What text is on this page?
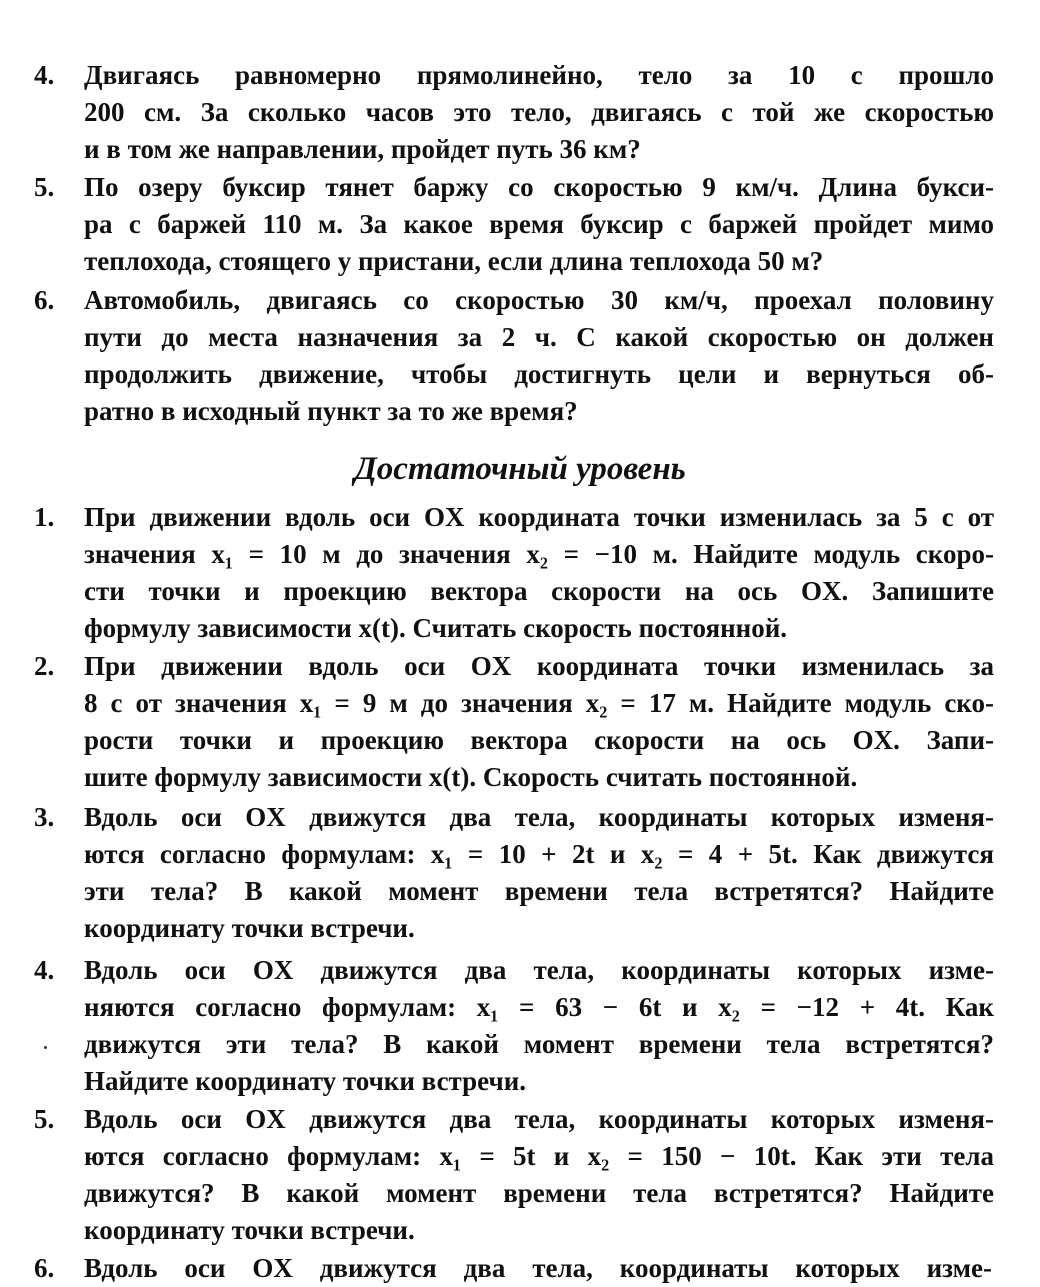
4.	Двигаясь равномерно прямолинейно, тело за 10 с прошло
200 см. За сколько часов это тело, двигаясь с той же скоростью
и в том же направлении, пройдет путь 36 км?
5.	По озеру буксир тянет баржу со скоростью 9 км/ч. Длина букси-
ра с баржей 110 м. За какое время буксир с баржей пройдет мимо
теплохода, стоящего у пристани, если длина теплохода 50 м?
6.	Автомобиль, двигаясь со скоростью 30 км/ч, проехал половину
пути до места назначения за 2 ч. С какой скоростью он должен
продолжить движение, чтобы достигнуть цели и вернуться об-
ратно в исходный пункт за то же время?
Достаточный уровень
1.	При движении вдоль оси OX координата точки изменилась за 5 с от
значения x₁ = 10 м до значения x₂ = −10 м. Найдите модуль скоро-
сти точки и проекцию вектора скорости на ось OX. Запишите
формулу зависимости x(t). Считать скорость постоянной.
2.	При движении вдоль оси OX координата точки изменилась за
8 с от значения x₁ = 9 м до значения x₂ = 17 м. Найдите модуль ско-
рости точки и проекцию вектора скорости на ось OX. Запи-
шите формулу зависимости x(t). Скорость считать постоянной.
3.	Вдоль оси OX движутся два тела, координаты которых изменя-
ются согласно формулам: x₁ = 10 + 2t и x₂ = 4 + 5t. Как движутся
эти тела? В какой момент времени тела встретятся? Найдите
координату точки встречи.
4.	Вдоль оси OX движутся два тела, координаты которых изме-
няются согласно формулам: x₁ = 63 − 6t и x₂ = −12 + 4t. Как
движутся эти тела? В какой момент времени тела встретятся?
Найдите координату точки встречи.
5.	Вдоль оси OX движутся два тела, координаты которых изменя-
ются согласно формулам: x₁ = 5t и x₂ = 150 − 10t. Как эти тела
движутся? В какой момент времени тела встретятся? Найдите
координату точки встречи.
6. Вдоль оси OX движутся два тела, координаты которых изме-
